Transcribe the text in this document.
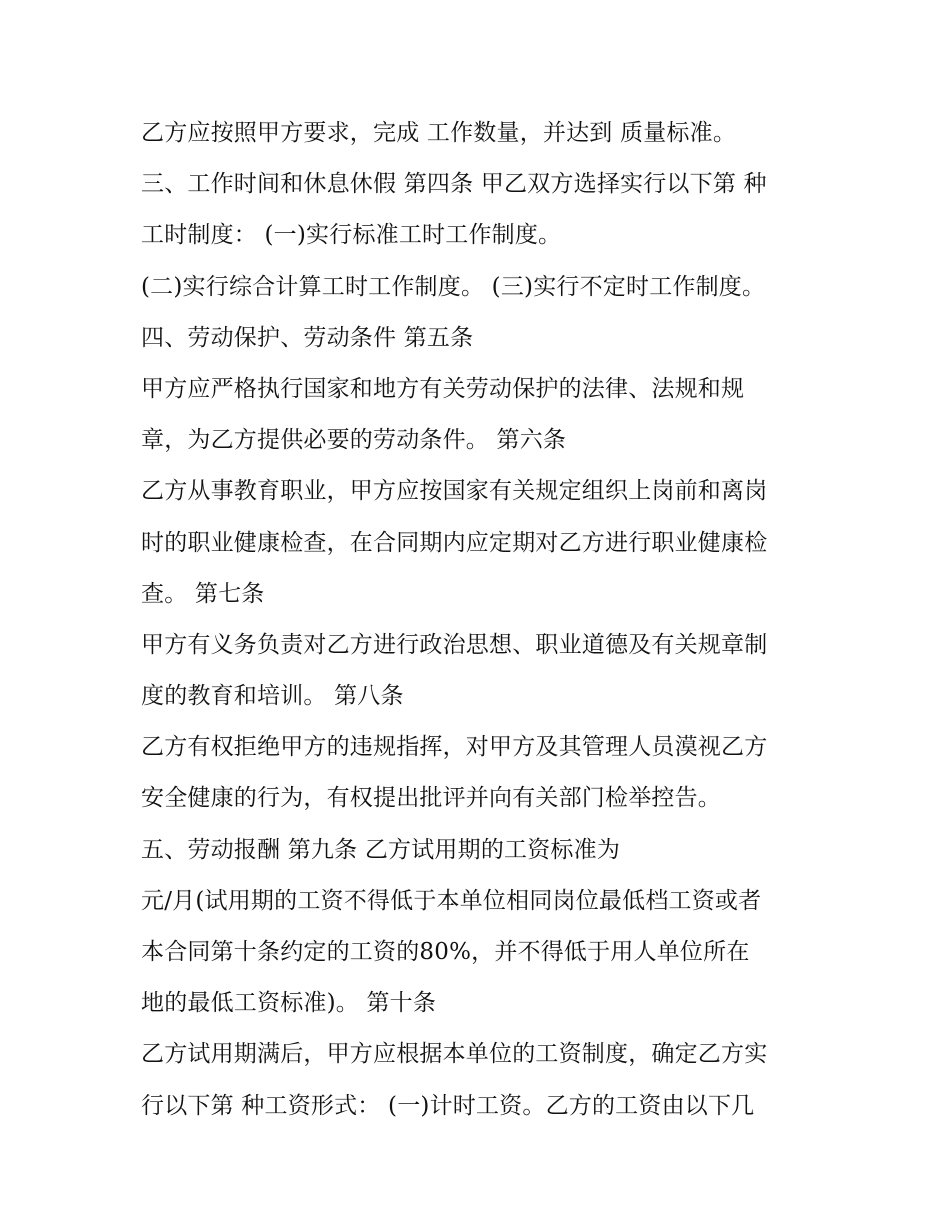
乙方应按照甲方要求，完成 工作数量，并达到 质量标准。
三、工作时间和休息休假 第四条 甲乙双方选择实行以下第 种
工时制度： (一)实行标准工时工作制度。
(二)实行综合计算工时工作制度。 (三)实行不定时工作制度。
四、劳动保护、劳动条件 第五条
甲方应严格执行国家和地方有关劳动保护的法律、法规和规
章，为乙方提供必要的劳动条件。 第六条
乙方从事教育职业，甲方应按国家有关规定组织上岗前和离岗
时的职业健康检查，在合同期内应定期对乙方进行职业健康检
查。 第七条
甲方有义务负责对乙方进行政治思想、职业道德及有关规章制
度的教育和培训。 第八条
乙方有权拒绝甲方的违规指挥，对甲方及其管理人员漠视乙方
安全健康的行为，有权提出批评并向有关部门检举控告。
五、劳动报酬 第九条 乙方试用期的工资标准为
元/月(试用期的工资不得低于本单位相同岗位最低档工资或者
本合同第十条约定的工资的80%，并不得低于用人单位所在
地的最低工资标准)。 第十条
乙方试用期满后，甲方应根据本单位的工资制度，确定乙方实
行以下第 种工资形式： (一)计时工资。乙方的工资由以下几
